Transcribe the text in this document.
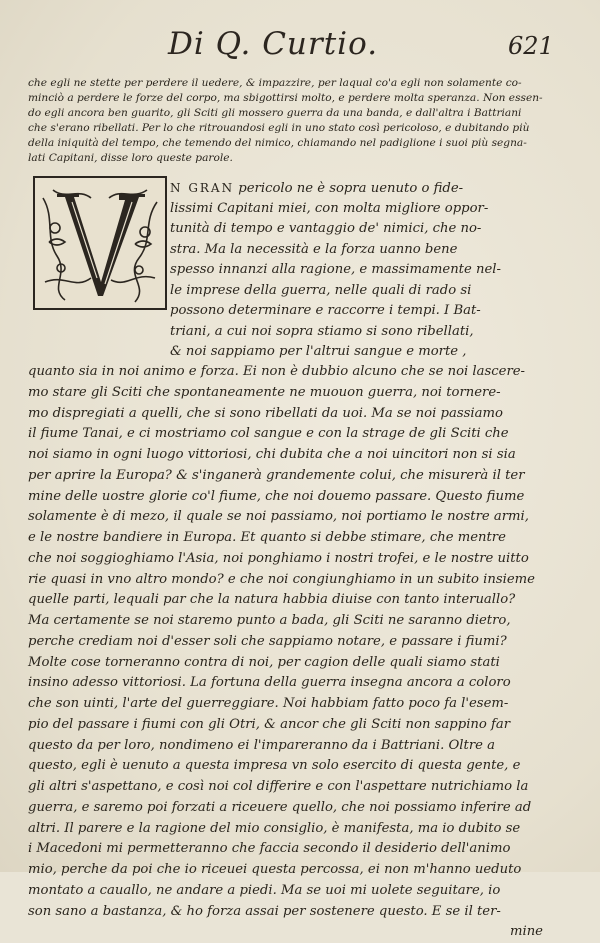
Di Q. Curtio.	621
che egli ne stette per perdere il uedere, & impazzire, per laqual co'a egli non solamente co-
minciò a perdere le forze del corpo, ma sbigottirsi molto, e perdere molta speranza. Non essen-
do egli ancora ben guarito, gli Sciti gli mossero guerra da una banda, e dall'altra i Battriani
che s'erano ribellati. Per lo che ritrouandosi egli in uno stato così pericoloso, e dubitando più
della iniquità del tempo, che temendo del nimico, chiamando nel padiglione i suoi più segna-
lati Capitani, disse loro queste parole.
N GRAN pericolo ne è sopra uenuto o fide-
lissimi Capitani miei, con molta migliore oppor-
tunità di tempo e vantaggio de' nimici, che no-
stra. Ma la necessità e la forza uanno bene
spesso innanzi alla ragione, e massimamente nel-
le imprese della guerra, nelle quali di rado si
possono determinare e raccorre i tempi. I Bat-
triani, a cui noi sopra stiamo si sono ribellati,
& noi sappiamo per l'altrui sangue e morte ,
quanto sia in noi animo e forza. Ei non è dubbio alcuno che se noi lascere-
mo stare gli Sciti che spontaneamente ne muouon guerra, noi tornere-
mo dispregiati a quelli, che si sono ribellati da uoi. Ma se noi passiamo
il fiume Tanai, e ci mostriamo col sangue e con la strage de gli Sciti che
noi siamo in ogni luogo vittoriosi, chi dubita che a noi uincitori non si sia
per aprire la Europa? & s'inganerà grandemente colui, che misurerà il ter
mine delle uostre glorie co'l fiume, che noi douemo passare. Questo fiume
solamente è di mezo, il quale se noi passiamo, noi portiamo le nostre armi,
e le nostre bandiere in Europa. Et quanto si debbe stimare, che mentre
che noi soggioghiamo l'Asia, noi ponghiamo i nostri trofei, e le nostre uitto
rie quasi in vno altro mondo? e che noi congiunghiamo in un subito insieme
quelle parti, lequali par che la natura habbia diuise con tanto interuallo?
Ma certamente se noi staremo punto a bada, gli Sciti ne saranno dietro,
perche crediam noi d'esser soli che sappiamo notare, e passare i fiumi?
Molte cose torneranno contra di noi, per cagion delle quali siamo stati
insino adesso vittoriosi. La fortuna della guerra insegna ancora a coloro
che son uinti, l'arte del guerreggiare. Noi habbiam fatto poco fa l'esem-
pio del passare i fiumi con gli Otri, & ancor che gli Sciti non sappino far
questo da per loro, nondimeno ei l'impareranno da i Battriani. Oltre a
questo, egli è uenuto a questa impresa vn solo esercito di questa gente, e
gli altri s'aspettano, e così noi col differire e con l'aspettare nutrichiamo la
guerra, e saremo poi forzati a riceuere quello, che noi possiamo inferire ad
altri. Il parere e la ragione del mio consiglio, è manifesta, ma io dubito se
i Macedoni mi permetteranno che faccia secondo il desiderio dell'animo
mio, perche da poi che io riceuei questa percossa, ei non m'hanno ueduto
montato a cauallo, ne andare a piedi. Ma se uoi mi uolete seguitare, io
son sano a bastanza, & ho forza assai per sostenere questo. E se il ter-
mine
